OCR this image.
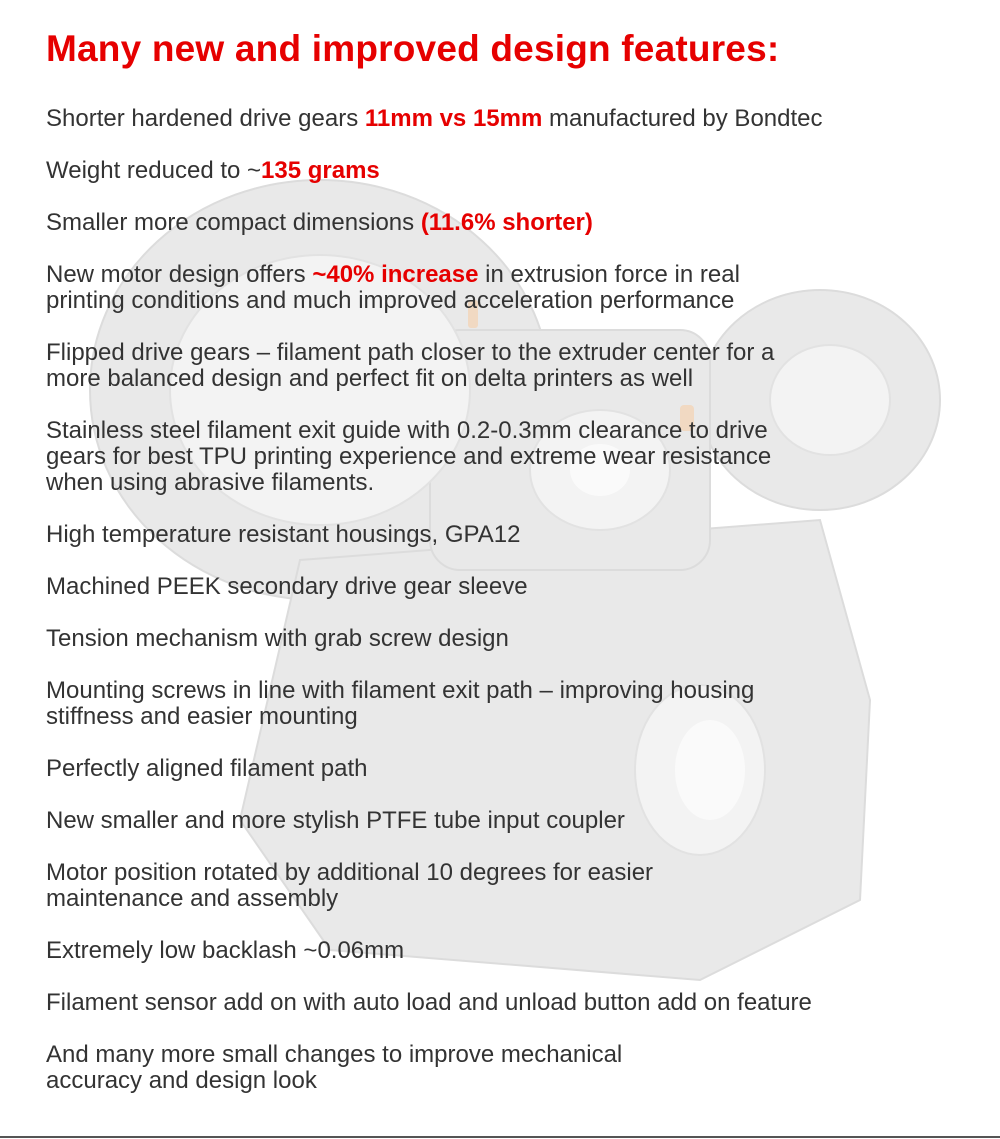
Many new and improved design features:

Shorter hardened drive gears 11mm vs 15mm manufactured by Bondtec

Weight reduced to ~135 grams

Smaller more compact dimensions (11.6% shorter)

New motor design offers ~40% increase in extrusion force in real
printing conditions and much improved acceleration performance

Flipped drive gears – filament path closer to the extruder center for a
more balanced design and perfect fit on delta printers as well

Stainless steel filament exit guide with 0.2-0.3mm clearance to drive
gears for best TPU printing experience and extreme wear resistance
when using abrasive filaments.

High temperature resistant housings, GPA12

Machined PEEK secondary drive gear sleeve

Tension mechanism with grab screw design

Mounting screws in line with filament exit path – improving housing
stiffness and easier mounting

Perfectly aligned filament path

New smaller and more stylish PTFE tube input coupler

Motor position rotated by additional 10 degrees for easier
maintenance and assembly

Extremely low backlash ~0.06mm

Filament sensor add on with auto load and unload button add on feature

And many more small changes to improve mechanical
accuracy and design look
